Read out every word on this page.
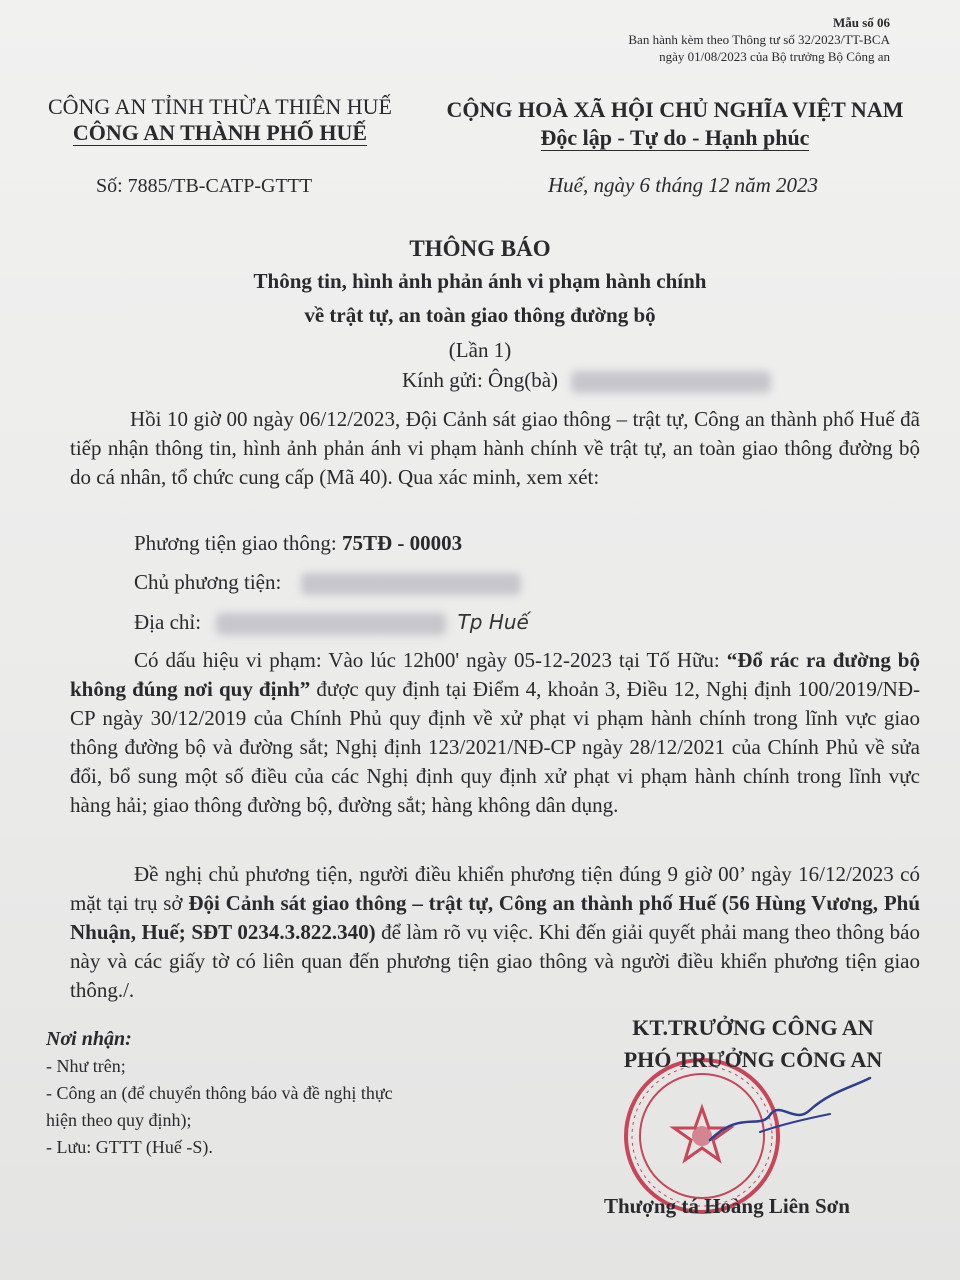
Mẫu số 06
Ban hành kèm theo Thông tư số 32/2023/TT-BCA
ngày 01/08/2023 của Bộ trưởng Bộ Công an
CÔNG AN TỈNH THỪA THIÊN HUẾ
CÔNG AN THÀNH PHỐ HUẾ
CỘNG HOÀ XÃ HỘI CHỦ NGHĨA VIỆT NAM
Độc lập - Tự do - Hạnh phúc
Số: 7885/TB-CATP-GTTT	Huế, ngày 6 tháng 12 năm 2023
THÔNG BÁO
Thông tin, hình ảnh phản ánh vi phạm hành chính
về trật tự, an toàn giao thông đường bộ
(Lần 1)
Kính gửi: Ông(bà)
Hồi 10 giờ 00 ngày 06/12/2023, Đội Cảnh sát giao thông – trật tự, Công an thành phố Huế đã tiếp nhận thông tin, hình ảnh phản ánh vi phạm hành chính về trật tự, an toàn giao thông đường bộ do cá nhân, tổ chức cung cấp (Mã 40). Qua xác minh, xem xét:
Phương tiện giao thông: 75TĐ - 00003
Chủ phương tiện:
Địa chỉ:	Tp Huế
Có dấu hiệu vi phạm: Vào lúc 12h00' ngày 05-12-2023 tại Tố Hữu: “Đổ rác ra đường bộ không đúng nơi quy định” được quy định tại Điểm 4, khoản 3, Điều 12, Nghị định 100/2019/NĐ-CP ngày 30/12/2019 của Chính Phủ quy định về xử phạt vi phạm hành chính trong lĩnh vực giao thông đường bộ và đường sắt; Nghị định 123/2021/NĐ-CP ngày 28/12/2021 của Chính Phủ về sửa đổi, bổ sung một số điều của các Nghị định quy định xử phạt vi phạm hành chính trong lĩnh vực hàng hải; giao thông đường bộ, đường sắt; hàng không dân dụng.
Đề nghị chủ phương tiện, người điều khiển phương tiện đúng 9 giờ 00’ ngày 16/12/2023 có mặt tại trụ sở Đội Cảnh sát giao thông – trật tự, Công an thành phố Huế (56 Hùng Vương, Phú Nhuận, Huế; SĐT 0234.3.822.340) để làm rõ vụ việc. Khi đến giải quyết phải mang theo thông báo này và các giấy tờ có liên quan đến phương tiện giao thông và người điều khiển phương tiện giao thông./.
Nơi nhận:
- Như trên;
- Công an (để chuyển thông báo và đề nghị thực
hiện theo quy định);
- Lưu: GTTT (Huế -S).
KT.TRƯỞNG CÔNG AN
PHÓ TRƯỞNG CÔNG AN
Thượng tá Hoàng Liên Sơn
